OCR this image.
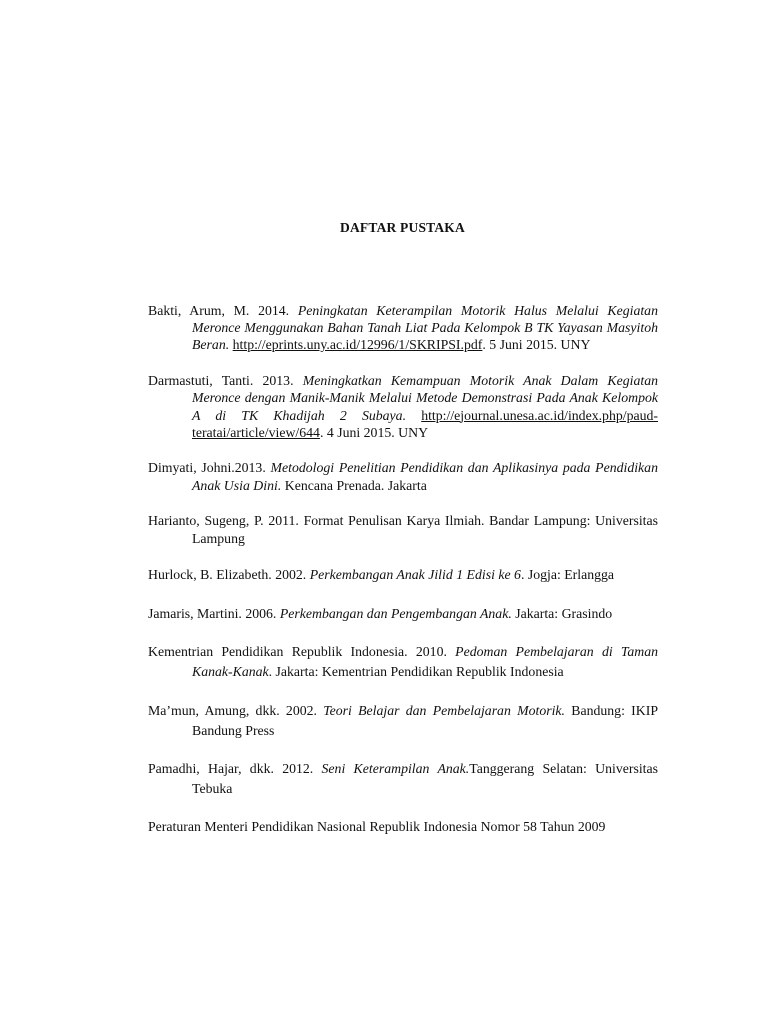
DAFTAR PUSTAKA

Bakti, Arum, M. 2014. Peningkatan Keterampilan Motorik Halus Melalui Kegiatan Meronce Menggunakan Bahan Tanah Liat Pada Kelompok B TK Yayasan Masyitoh Beran. http://eprints.uny.ac.id/12996/1/SKRIPSI.pdf. 5 Juni 2015. UNY

Darmastuti, Tanti. 2013. Meningkatkan Kemampuan Motorik Anak Dalam Kegiatan Meronce dengan Manik-Manik Melalui Metode Demonstrasi Pada Anak Kelompok A di TK Khadijah 2 Subaya. http://ejournal.unesa.ac.id/index.php/paud-teratai/article/view/644. 4 Juni 2015. UNY

Dimyati, Johni.2013. Metodologi Penelitian Pendidikan dan Aplikasinya pada Pendidikan Anak Usia Dini. Kencana Prenada. Jakarta

Harianto, Sugeng, P. 2011. Format Penulisan Karya Ilmiah. Bandar Lampung: Universitas Lampung

Hurlock, B. Elizabeth. 2002. Perkembangan Anak Jilid 1 Edisi ke 6. Jogja: Erlangga

Jamaris, Martini. 2006. Perkembangan dan Pengembangan Anak. Jakarta: Grasindo

Kementrian Pendidikan Republik Indonesia. 2010. Pedoman Pembelajaran di Taman Kanak-Kanak. Jakarta: Kementrian Pendidikan Republik Indonesia

Ma’mun, Amung, dkk. 2002. Teori Belajar dan Pembelajaran Motorik. Bandung: IKIP Bandung Press

Pamadhi, Hajar, dkk. 2012. Seni Keterampilan Anak.Tanggerang Selatan: Universitas Tebuka

Peraturan Menteri Pendidikan Nasional Republik Indonesia Nomor 58 Tahun 2009
